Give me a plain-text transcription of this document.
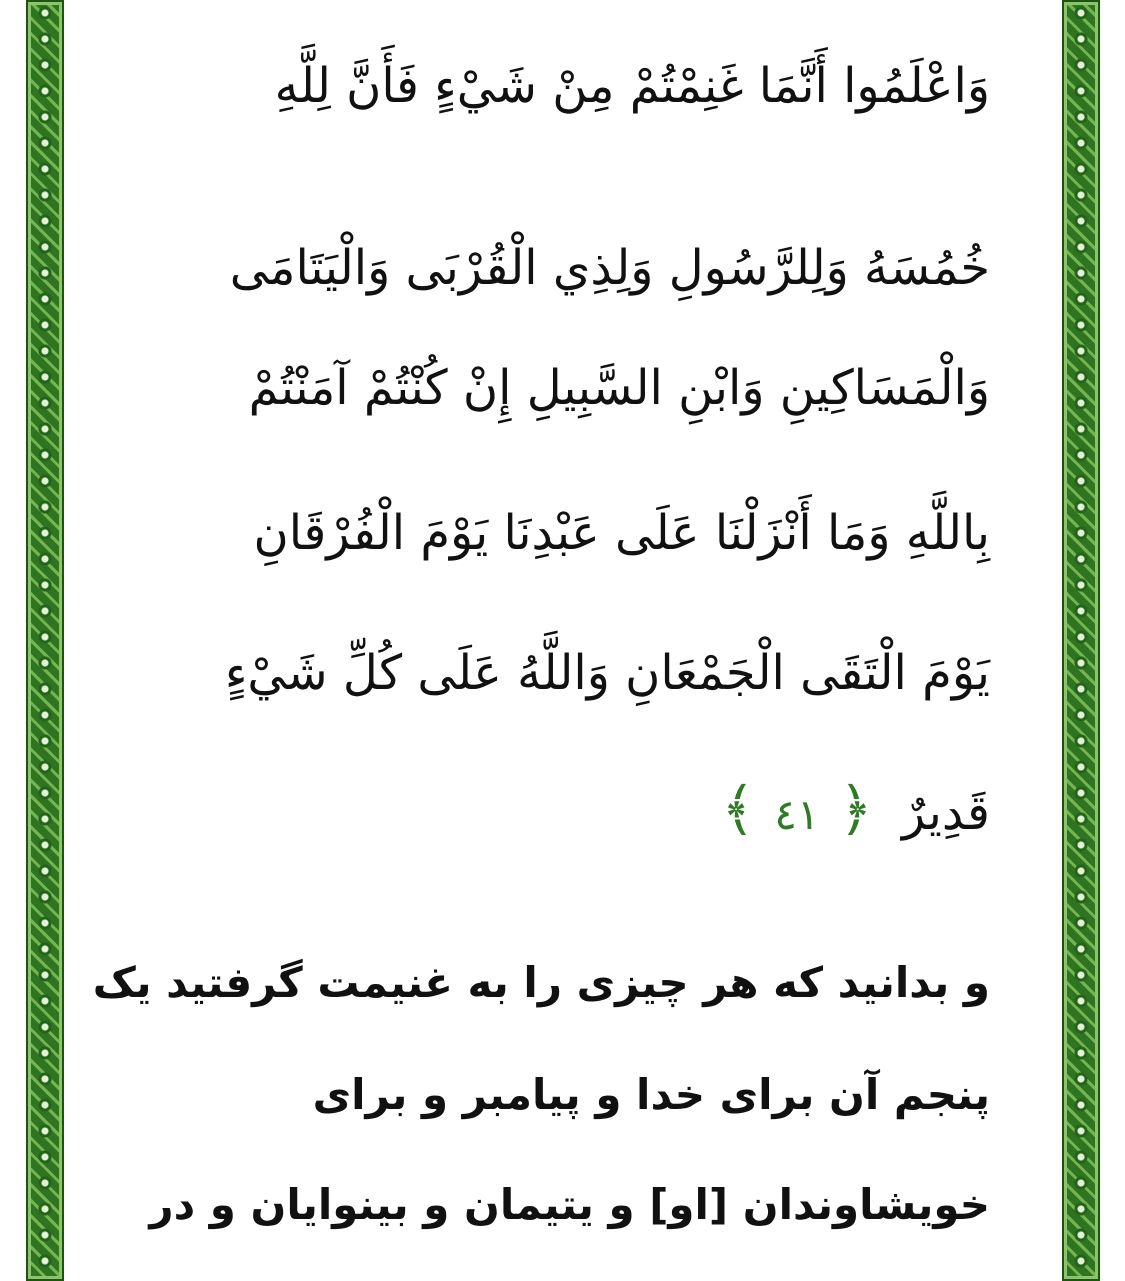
وَاعْلَمُوا أَنَّمَا غَنِمْتُمْ مِنْ شَيْءٍ فَأَنَّ لِلَّهِ
خُمُسَهُ وَلِلرَّسُولِ وَلِذِي الْقُرْبَى وَالْيَتَامَى
وَالْمَسَاكِينِ وَابْنِ السَّبِيلِ إِنْ كُنْتُمْ آمَنْتُمْ
بِاللَّهِ وَمَا أَنْزَلْنَا عَلَى عَبْدِنَا يَوْمَ الْفُرْقَانِ
يَوْمَ الْتَقَى الْجَمْعَانِ وَاللَّهُ عَلَى كُلِّ شَيْءٍ
قَدِيرٌ ﴿ ٤١ ﴾
و بدانید که هر چیزی را به غنیمت گرفتید یک
پنجم آن برای خدا و پیامبر و برای
خویشاوندان [او] و یتیمان و بینوایان و در
